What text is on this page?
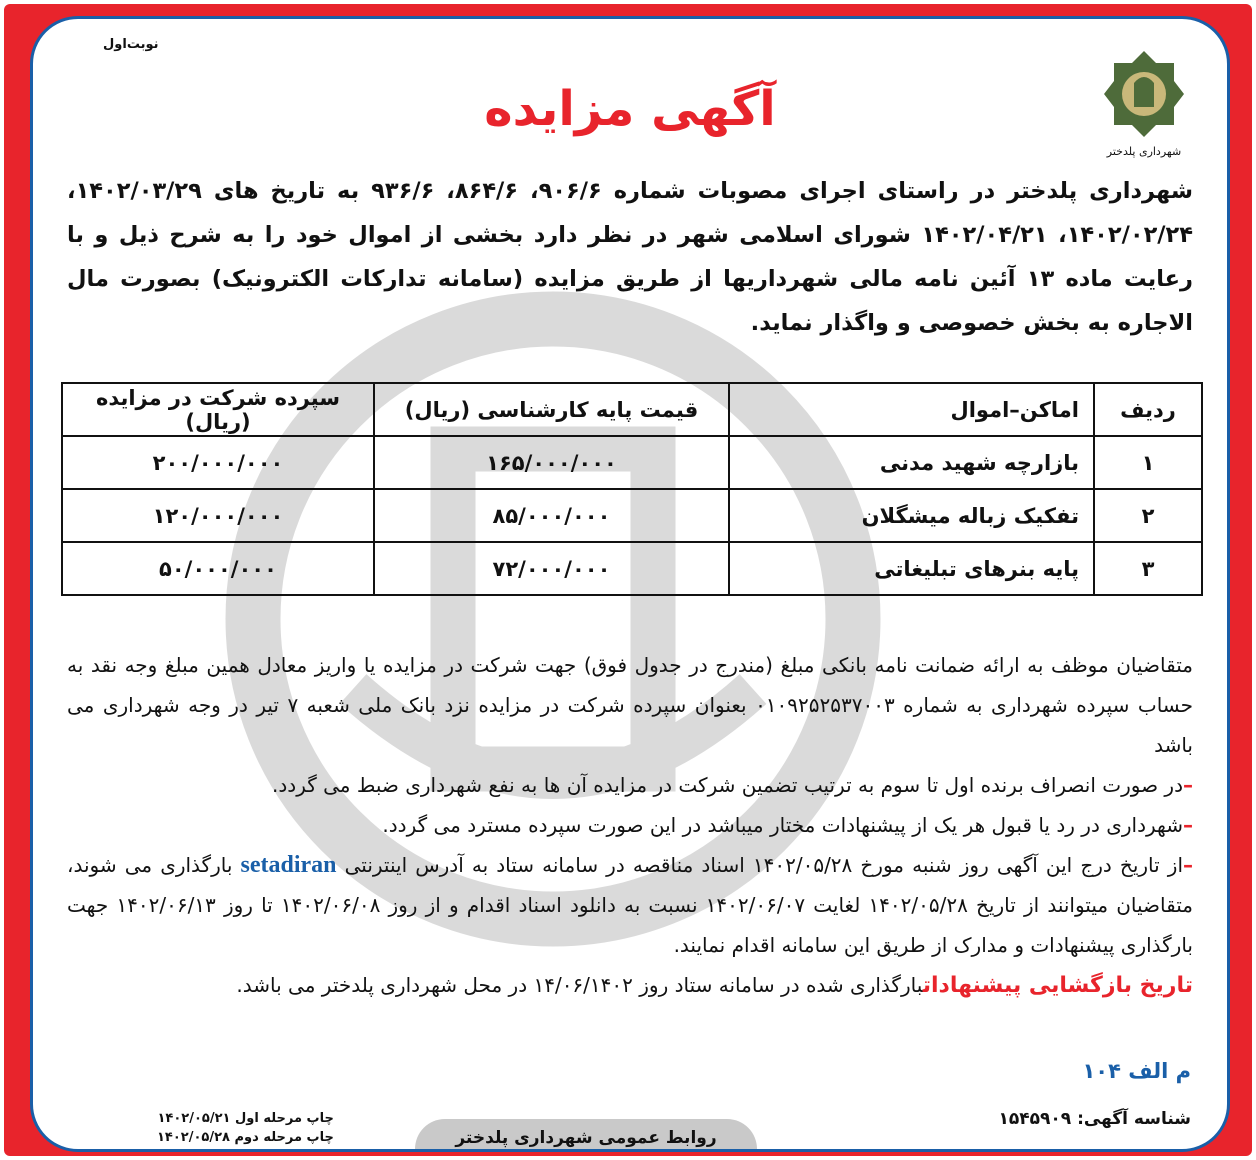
نوبت‌اول
شهرداری پلدختر
آگهی مزایده
شهرداری پلدختر در راستای اجرای مصوبات شماره ۹۰۶/۶، ۸۶۴/۶، ۹۳۶/۶ به تاریخ های ۱۴۰۲/۰۳/۲۹، ۱۴۰۲/۰۲/۲۴، ۱۴۰۲/۰۴/۲۱ شورای اسلامی شهر در نظر دارد بخشی از اموال خود را به شرح ذیل و با رعایت ماده ۱۳ آئین نامه مالی شهرداریها از طریق مزایده (سامانه تدارکات الکترونیک) بصورت مال الاجاره به بخش خصوصی و واگذار نماید.
ردیف	اماکن–اموال	قیمت پایه کارشناسی (ریال)	سپرده شرکت در مزایده (ریال)
۱	بازارچه شهید مدنی	۱۶۵/۰۰۰/۰۰۰	۲۰۰/۰۰۰/۰۰۰
۲	تفکیک زباله میشگلان	۸۵/۰۰۰/۰۰۰	۱۲۰/۰۰۰/۰۰۰
۳	پایه بنرهای تبلیغاتی	۷۲/۰۰۰/۰۰۰	۵۰/۰۰۰/۰۰۰

متقاضیان موظف به ارائه ضمانت نامه بانکی مبلغ (مندرج در جدول فوق) جهت شرکت در مزایده یا واریز معادل همین مبلغ وجه نقد به حساب سپرده شهرداری به شماره ۰۱۰۹۲۵۲۵۳۷۰۰۳ بعنوان سپرده شرکت در مزایده نزد بانک ملی شعبه ۷ تیر در وجه شهرداری می باشد

–در صورت انصراف برنده اول تا سوم به ترتیب تضمین شرکت در مزایده آن ها به نفع شهرداری ضبط می گردد.

–شهرداری در رد یا قبول هر یک از پیشنهادات مختار میباشد در این صورت سپرده مسترد می گردد.

–از تاریخ درج این آگهی روز شنبه مورخ ۱۴۰۲/۰۵/۲۸ اسناد مناقصه در سامانه ستاد به آدرس اینترنتی setadiran بارگذاری می شوند، متقاضیان میتوانند از تاریخ ۱۴۰۲/۰۵/۲۸ لغایت ۱۴۰۲/۰۶/۰۷ نسبت به دانلود اسناد اقدام و از روز ۱۴۰۲/۰۶/۰۸ تا روز ۱۴۰۲/۰۶/۱۳ جهت بارگذاری پیشنهادات و مدارک از طریق این سامانه اقدام نمایند.

تاریخ بازگشایی پیشنهاداتبارگذاری شده در سامانه ستاد روز ۱۴/۰۶/۱۴۰۲ در محل شهرداری پلدختر می باشد.

م الف ۱۰۴
شناسه آگهی: ۱۵۴۵۹۰۹
روابط عمومی شهرداری پلدختر
چاپ مرحله اول ۱۴۰۲/۰۵/۲۱
چاپ مرحله دوم ۱۴۰۲/۰۵/۲۸
